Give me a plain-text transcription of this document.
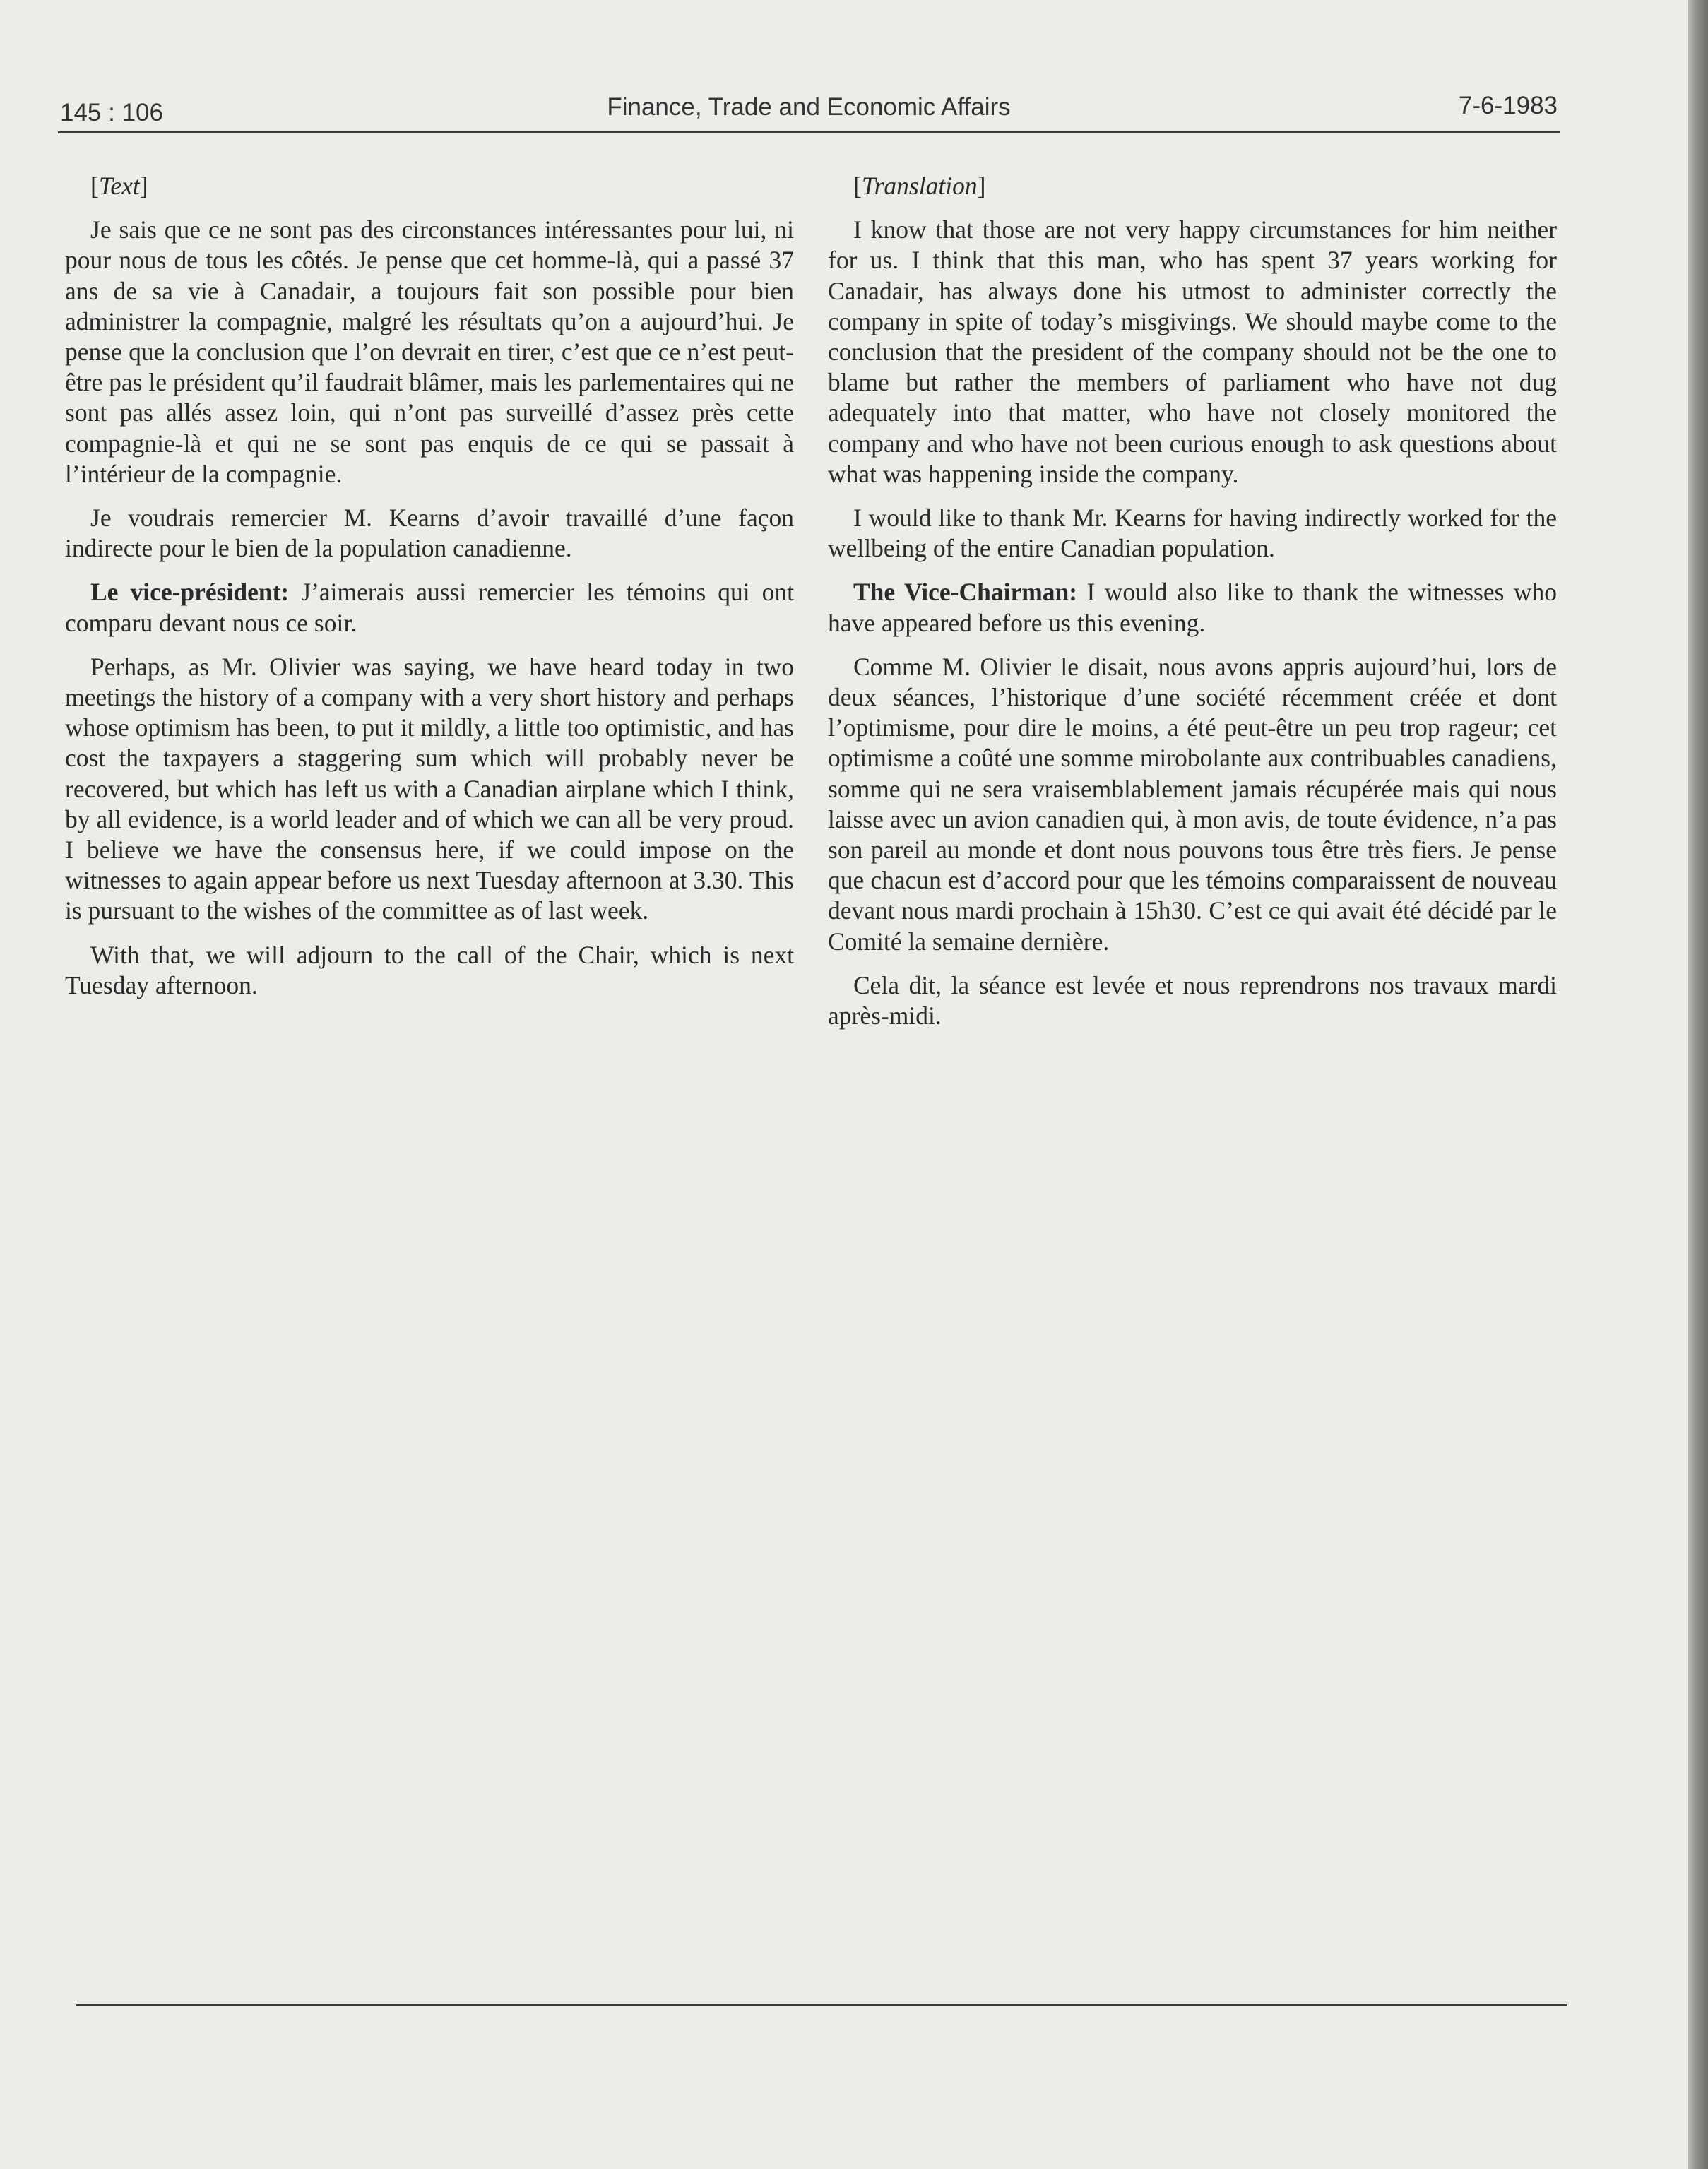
145 : 106	Finance, Trade and Economic Affairs	7-6-1983

[Text]

Je sais que ce ne sont pas des circonstances intéressantes pour lui, ni pour nous de tous les côtés. Je pense que cet homme-là, qui a passé 37 ans de sa vie à Canadair, a toujours fait son possible pour bien administrer la compagnie, malgré les résultats qu’on a aujourd’hui. Je pense que la conclusion que l’on devrait en tirer, c’est que ce n’est peut-être pas le président qu’il faudrait blâmer, mais les parlementaires qui ne sont pas allés assez loin, qui n’ont pas surveillé d’assez près cette compagnie-là et qui ne se sont pas enquis de ce qui se passait à l’intérieur de la compagnie.

Je voudrais remercier M. Kearns d’avoir travaillé d’une façon indirecte pour le bien de la population canadienne.

Le vice-président: J’aimerais aussi remercier les témoins qui ont comparu devant nous ce soir.

Perhaps, as Mr. Olivier was saying, we have heard today in two meetings the history of a company with a very short history and perhaps whose optimism has been, to put it mildly, a little too optimistic, and has cost the taxpayers a staggering sum which will probably never be recovered, but which has left us with a Canadian airplane which I think, by all evidence, is a world leader and of which we can all be very proud. I believe we have the consensus here, if we could impose on the witnesses to again appear before us next Tuesday afternoon at 3.30. This is pursuant to the wishes of the committee as of last week.

With that, we will adjourn to the call of the Chair, which is next Tuesday afternoon.

[Translation]

I know that those are not very happy circumstances for him neither for us. I think that this man, who has spent 37 years working for Canadair, has always done his utmost to administer correctly the company in spite of today’s misgivings. We should maybe come to the conclusion that the president of the company should not be the one to blame but rather the members of parliament who have not dug adequately into that matter, who have not closely monitored the company and who have not been curious enough to ask questions about what was happening inside the company.

I would like to thank Mr. Kearns for having indirectly worked for the wellbeing of the entire Canadian population.

The Vice-Chairman: I would also like to thank the witnesses who have appeared before us this evening.

Comme M. Olivier le disait, nous avons appris aujourd’hui, lors de deux séances, l’historique d’une société récemment créée et dont l’optimisme, pour dire le moins, a été peut-être un peu trop rageur; cet optimisme a coûté une somme mirobolante aux contribuables canadiens, somme qui ne sera vraisemblablement jamais récupérée mais qui nous laisse avec un avion canadien qui, à mon avis, de toute évidence, n’a pas son pareil au monde et dont nous pouvons tous être très fiers. Je pense que chacun est d’accord pour que les témoins comparaissent de nouveau devant nous mardi prochain à 15h30. C’est ce qui avait été décidé par le Comité la semaine dernière.

Cela dit, la séance est levée et nous reprendrons nos travaux mardi après-midi.
